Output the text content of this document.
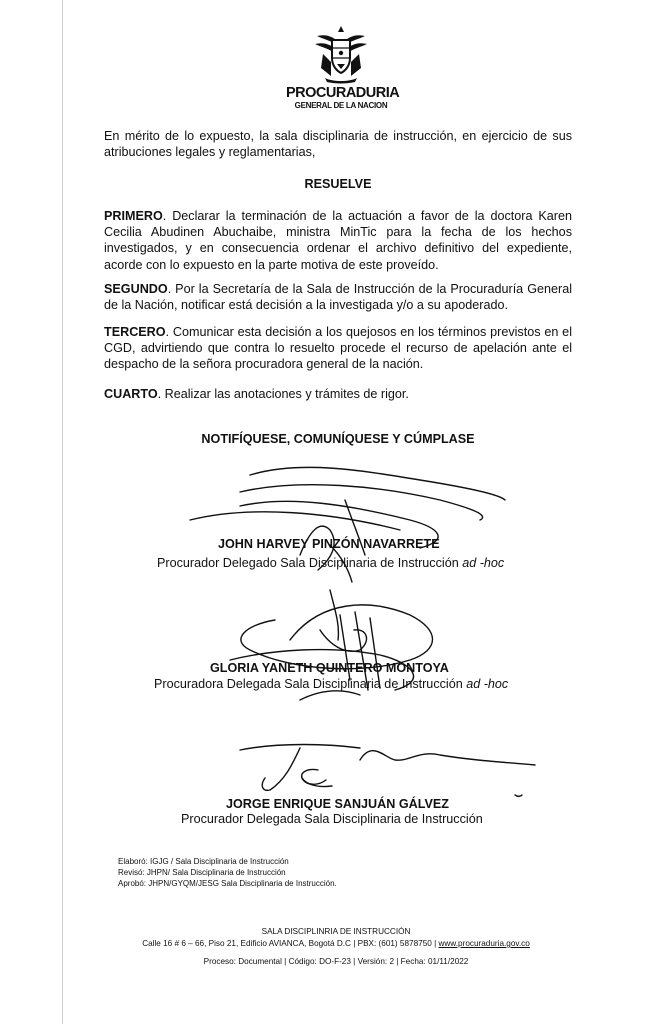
PROCURADURIA
GENERAL DE LA NACION
En mérito de lo expuesto, la sala disciplinaria de instrucción, en ejercicio de sus atribuciones legales y reglamentarias,
RESUELVE
PRIMERO. Declarar la terminación de la actuación a favor de la doctora Karen Cecilia Abudinen Abuchaibe, ministra MinTic para la fecha de los hechos investigados, y en consecuencia ordenar el archivo definitivo del expediente, acorde con lo expuesto en la parte motiva de este proveído.
SEGUNDO. Por la Secretaría de la Sala de Instrucción de la Procuraduría General de la Nación, notificar está decisión a la investigada y/o a su apoderado.
TERCERO. Comunicar esta decisión a los quejosos en los términos previstos en el CGD, advirtiendo que contra lo resuelto procede el recurso de apelación ante el despacho de la señora procuradora general de la nación.
CUARTO. Realizar las anotaciones y trámites de rigor.
NOTIFÍQUESE, COMUNÍQUESE Y CÚMPLASE
JOHN HARVEY PINZÓN NAVARRETE
Procurador Delegado Sala Disciplinaria de Instrucción ad -hoc
GLORIA YANETH QUINTERO MONTOYA
Procuradora Delegada Sala Disciplinaria de Instrucción ad -hoc
JORGE ENRIQUE SANJUÁN GÁLVEZ
Procurador Delegada Sala Disciplinaria de Instrucción
Elaboró: IGJG / Sala Disciplinaria de Instrucción
Revisó: JHPN/ Sala Disciplinaria de Instrucción
Aprobó: JHPN/GYQM/JESG Sala Disciplinaria de Instrucción.
SALA DISCIPLINRIA DE INSTRUCCIÓN
Calle 16 # 6 – 66, Piso 21, Edificio AVIANCA, Bogotá D.C | PBX: (601) 5878750 | www.procuraduria.gov.co
Proceso: Documental | Código: DO-F-23 | Versión: 2 | Fecha: 01/11/2022
